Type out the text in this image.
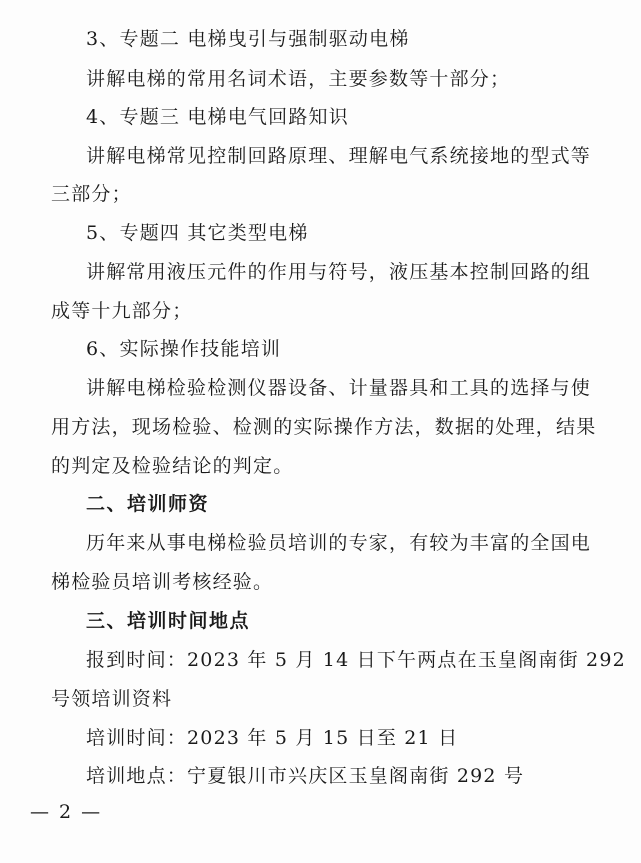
3、专题二 电梯曳引与强制驱动电梯
讲解电梯的常用名词术语，主要参数等十部分；
4、专题三 电梯电气回路知识
讲解电梯常见控制回路原理、理解电气系统接地的型式等
三部分；
5、专题四 其它类型电梯
讲解常用液压元件的作用与符号，液压基本控制回路的组
成等十九部分；
6、实际操作技能培训
讲解电梯检验检测仪器设备、计量器具和工具的选择与使
用方法，现场检验、检测的实际操作方法，数据的处理，结果
的判定及检验结论的判定。
二、培训师资
历年来从事电梯检验员培训的专家，有较为丰富的全国电
梯检验员培训考核经验。
三、培训时间地点
报到时间：2023 年 5 月 14 日下午两点在玉皇阁南街 292
号领培训资料
培训时间：2023 年 5 月 15 日至 21 日
培训地点：宁夏银川市兴庆区玉皇阁南街 292 号
— 2 —
